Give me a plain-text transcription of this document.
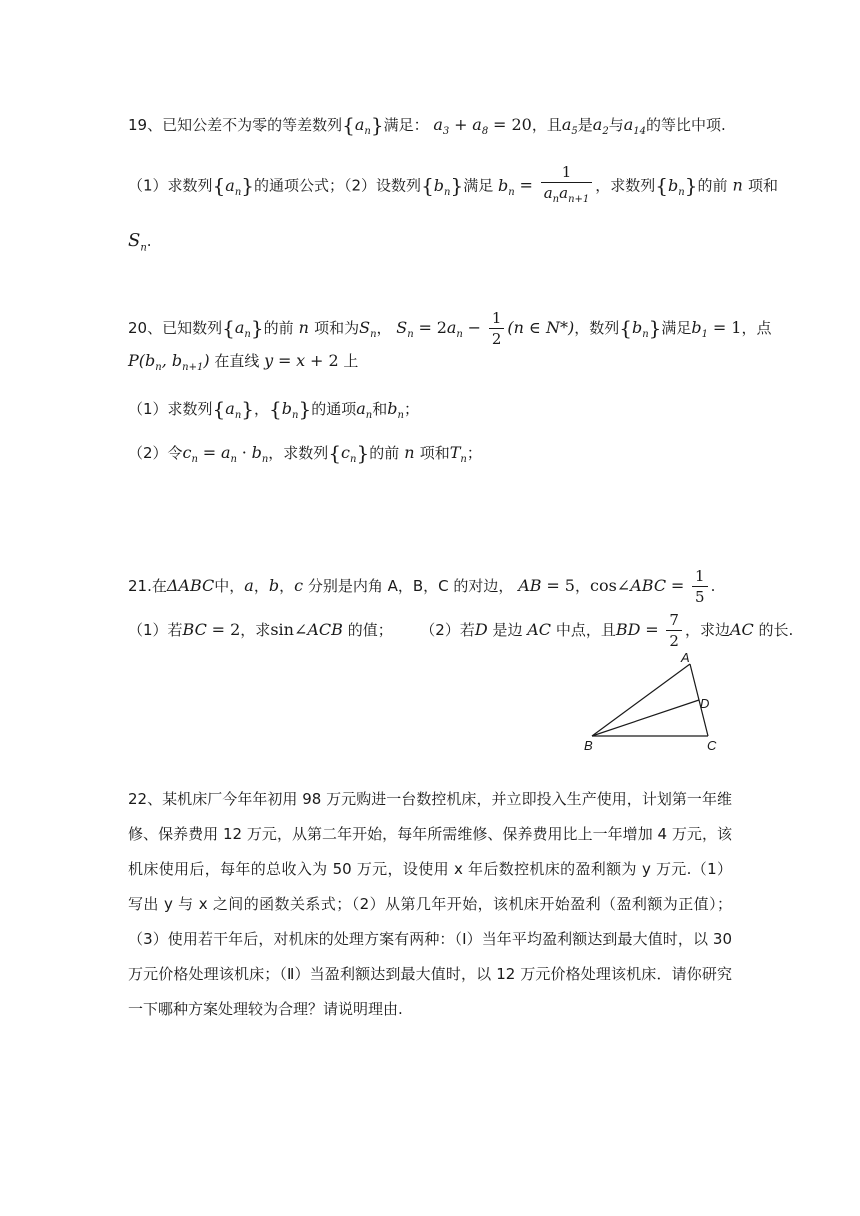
19、已知公差不为零的等差数列$\{a_n\}$满足： $a_3 + a_8 = 20$，且$a_5$是$a_2$与$a_{14}$的等比中项.
（1）求数列$\{a_n\}$的通项公式；（2）设数列$\{b_n\}$满足 $b_n = \frac{1}{a_na_{n+1}}$ ，求数列$\{b_n\}$的前 n 项和
$S_n$.
20、已知数列$\{a_n\}$的前 n 项和为$S_n$， $S_n = 2a_n - \frac{1}{2} (n$ ∈ N*)，数列$\{b_n\}$满足$b_1 = 1$，点
$P(b_n$, $b_{n+1}$) 在直线 y = x + 2 上
（1）求数列$\{a_n\}$，$\{b_n\}$的通项$a_n$和$b_n$；
（2）令$c_n = a_n \cdot b_n$，求数列$\{c_n\}$的前 n 项和$T_n$；
21.在ΔABC中，a，b，c 分别是内角 A，B，C 的对边， AB = 5，cos∠ABC = $\frac{1}{5}$ .
（1）若BC = 2，求sin∠ACB 的值； （2）若D 是边 AC 中点，且BD = $\frac{7}{2}$ ，求边AC 的长.
A
D
B	C
22、某机床厂今年年初用 98 万元购进一台数控机床，并立即投入生产使用，计划第一年维修、保养费用 12 万元，从第二年开始，每年所需维修、保养费用比上一年增加 4 万元，该机床使用后，每年的总收入为 50 万元，设使用 x 年后数控机床的盈利额为 y 万元.（1）写出 y 与 x 之间的函数关系式；（2）从第几年开始，该机床开始盈利（盈利额为正值）；（3）使用若干年后，对机床的处理方案有两种：（Ⅰ）当年平均盈利额达到最大值时，以 30 万元价格处理该机床；（Ⅱ）当盈利额达到最大值时，以 12 万元价格处理该机床．请你研究一下哪种方案处理较为合理？请说明理由.
